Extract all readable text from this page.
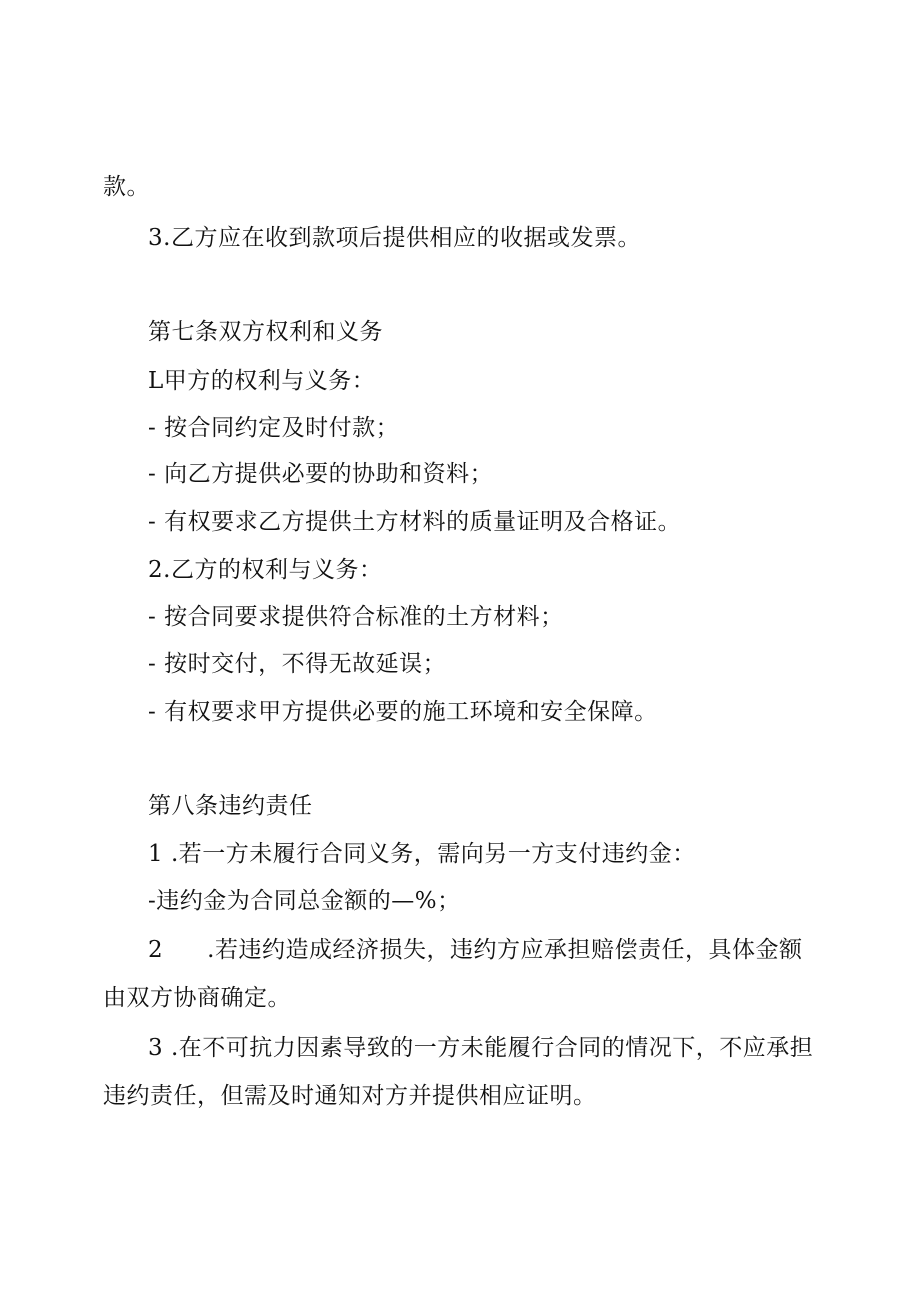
款。
3.乙方应在收到款项后提供相应的收据或发票。
第七条双方权利和义务
L甲方的权利与义务：
- 按合同约定及时付款；
- 向乙方提供必要的协助和资料；
- 有权要求乙方提供土方材料的质量证明及合格证。
2.乙方的权利与义务：
- 按合同要求提供符合标准的土方材料；
- 按时交付，不得无故延误；
- 有权要求甲方提供必要的施工环境和安全保障。
第八条违约责任
1 .若一方未履行合同义务，需向另一方支付违约金：
-违约金为合同总金额的—%；
2 .若违约造成经济损失，违约方应承担赔偿责任，具体金额
由双方协商确定。
3 .在不可抗力因素导致的一方未能履行合同的情况下，不应承担
违约责任，但需及时通知对方并提供相应证明。
